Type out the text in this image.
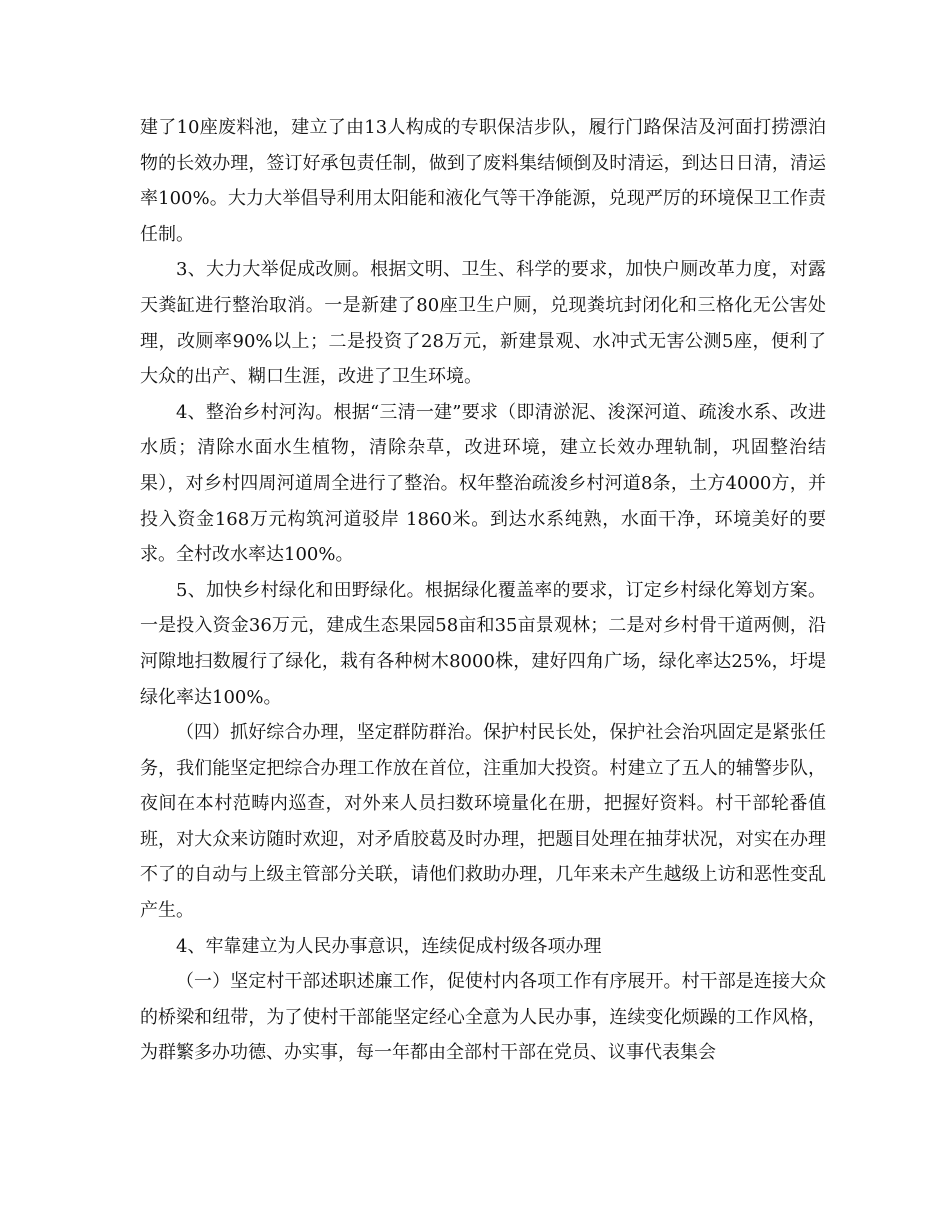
建了10座废料池，建立了由13人构成的专职保洁步队，履行门路保洁及河面打捞漂泊物的长效办理，签订好承包责任制，做到了废料集结倾倒及时清运，到达日日清，清运率100%。大力大举倡导利用太阳能和液化气等干净能源，兑现严厉的环境保卫工作责任制。

3、大力大举促成改厕。根据文明、卫生、科学的要求，加快户厕改革力度，对露天粪缸进行整治取消。一是新建了80座卫生户厕，兑现粪坑封闭化和三格化无公害处理，改厕率90%以上；二是投资了28万元，新建景观、水冲式无害公测5座，便利了大众的出产、糊口生涯，改进了卫生环境。

4、整治乡村河沟。根据“三清一建”要求（即清淤泥、浚深河道、疏浚水系、改进水质；清除水面水生植物，清除杂草，改进环境，建立长效办理轨制，巩固整治结果），对乡村四周河道周全进行了整治。权年整治疏浚乡村河道8条，土方4000方，并投入资金168万元构筑河道驳岸 1860米。到达水系纯熟，水面干净，环境美好的要求。全村改水率达100%。

5、加快乡村绿化和田野绿化。根据绿化覆盖率的要求，订定乡村绿化筹划方案。一是投入资金36万元，建成生态果园58亩和35亩景观林；二是对乡村骨干道两侧，沿河隙地扫数履行了绿化，栽有各种树木8000株，建好四角广场，绿化率达25%，圩堤绿化率达100%。

（四）抓好综合办理，坚定群防群治。保护村民长处，保护社会治巩固定是紧张任务，我们能坚定把综合办理工作放在首位，注重加大投资。村建立了五人的辅警步队，夜间在本村范畴内巡查，对外来人员扫数环境量化在册，把握好资料。村干部轮番值班，对大众来访随时欢迎，对矛盾胶葛及时办理，把题目处理在抽芽状况，对实在办理不了的自动与上级主管部分关联，请他们救助办理，几年来未产生越级上访和恶性变乱产生。

4、牢靠建立为人民办事意识，连续促成村级各项办理

（一）坚定村干部述职述廉工作，促使村内各项工作有序展开。村干部是连接大众的桥梁和纽带，为了使村干部能坚定经心全意为人民办事，连续变化烦躁的工作风格，为群繁多办功德、办实事，每一年都由全部村干部在党员、议事代表集会
